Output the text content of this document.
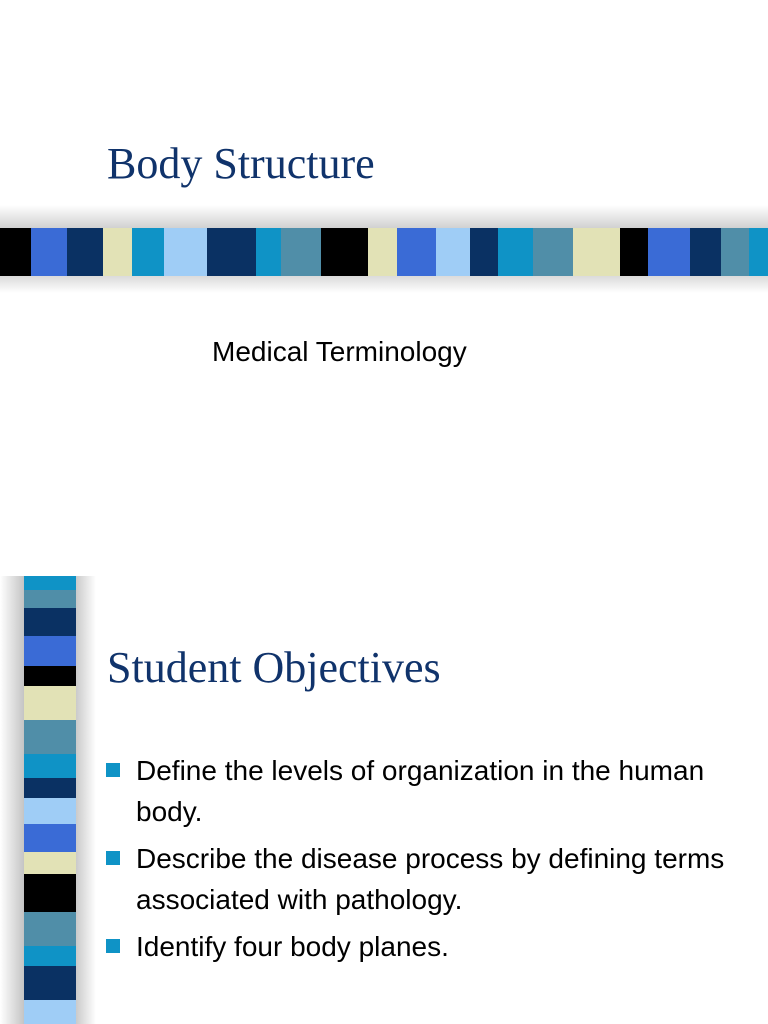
Body Structure

Medical Terminology

Student Objectives
Define the levels of organization in the human body.
Describe the disease process by defining terms associated with pathology.
Identify four body planes.
